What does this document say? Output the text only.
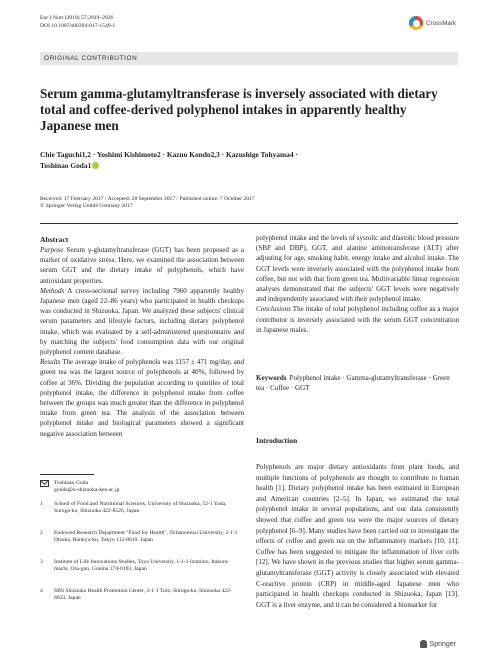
Eur J Nutr (2018) 57:2819–2826
DOI 10.1007/s00394-017-1549-1	CrossMark
ORIGINAL CONTRIBUTION
Serum gamma-glutamyltransferase is inversely associated with dietary total and coffee-derived polyphenol intakes in apparently healthy Japanese men
Chie Taguchi1,2 · Yoshimi Kishimoto2 · Kazuo Kondo2,3 · Kazushige Tohyama4 ·
Toshinao Goda1
Received: 17 February 2017 / Accepted: 28 September 2017 / Published online: 7 October 2017
© Springer-Verlag GmbH Germany 2017
Abstract

Purpose Serum γ-glutamyltransferase (GGT) has been proposed as a marker of oxidative stress. Here, we examined the association between serum GGT and the dietary intake of polyphenols, which have antioxidant properties.

Methods A cross-sectional survey including 7960 apparently healthy Japanese men (aged 22–86 years) who participated in health checkups was conducted in Shizuoka, Japan. We analyzed these subjects' clinical serum parameters and lifestyle factors, including dietary polyphenol intake, which was evaluated by a self-administered questionnaire and by matching the subjects' food consumption data with our original polyphenol content database.

Results The average intake of polyphenols was 1157 ± 471 mg/day, and green tea was the largest source of polyphenols at 40%, followed by coffee at 36%. Dividing the population according to quintiles of total polyphenol intake, the difference in polyphenol intake from coffee between the groups was much greater than the difference in polyphenol intake from green tea. The analysis of the association between polyphenol intake and biological parameters showed a significant negative association between

polyphenol intake and the levels of systolic and diastolic blood pressure (SBP and DBP), GGT, and alanine aminotransferase (ALT) after adjusting for age, smoking habit, energy intake and alcohol intake. The GGT levels were inversely associated with the polyphenol intake from coffee, but not with that from green tea. Multivariable linear regression analyses demonstrated that the subjects' GGT levels were negatively and independently associated with their polyphenol intake.

Conclusions The intake of total polyphenol including coffee as a major contributor is inversely associated with the serum GGT concentration in Japanese males.

Keywords Polyphenol intake · Gamma-glutamyltransferase · Green tea · Coffee · GGT
Introduction

Polyphenols are major dietary antioxidants from plant foods, and multiple functions of polyphenols are thought to contribute to human health [1]. Dietary polyphenol intake has been estimated in European and American countries [2–5]. In Japan, we estimated the total polyphenol intake in several populations, and our data consistently showed that coffee and green tea were the major sources of dietary polyphenol [6–9]. Many studies have been carried out to investigate the effects of coffee and green tea on the inflammatory markers [10, 11]. Coffee has been suggested to mitigate the inflammation of liver cells [12]. We have shown in the previous studies that higher serum gamma-glutamyltransferase (GGT) activity is closely associated with elevated C-reactive protein (CRP) in middle-aged Japanese men who participated in health checkups conducted in Shizuoka, Japan [13]. GGT is a liver enzyme, and it can be considered a biomarker for

Toshinao Goda
gouda@u-shizuoka-ken.ac.jp
1 School of Food and Nutritional Sciences, University of Shizuoka, 52-1 Yada, Suruga-ku, Shizuoka 422-8526, Japan
2 Endowed Research Department "Food for Health", Ochanomizu University, 2-1-1 Otsuka, Bunkyo-ku, Tokyo 112-8610, Japan
3 Institute of Life Innovations Studies, Toyo University, 1-1-1 Izumino, Itakura-machi, Ora-gun, Gunma 374-0193, Japan
4 SBS Shizuoka Health Promotion Center, 3-1-1 Toro, Suruga-ku, Shizuoka 422-8033, Japan
Springer
